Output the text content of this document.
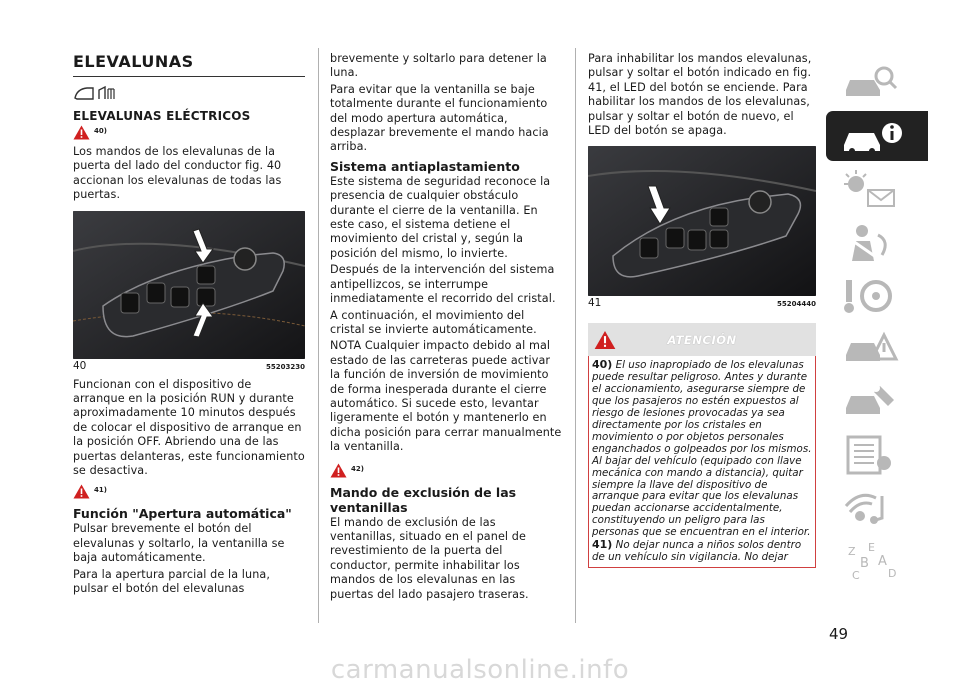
ELEVALUNAS
ELEVALUNAS ELÉCTRICOS
40)

Los mandos de los elevalunas de la puerta del lado del conductor fig. 40 accionan los elevalunas de todas las puertas.

40	55203230

Funcionan con el dispositivo de arranque en la posición RUN y durante aproximadamente 10 minutos después de colocar el dispositivo de arranque en la posición OFF. Abriendo una de las puertas delanteras, este funcionamiento se desactiva.

41)
Función "Apertura automática"

Pulsar brevemente el botón del elevalunas y soltarlo, la ventanilla se baja automáticamente.

Para la apertura parcial de la luna, pulsar el botón del elevalunas

brevemente y soltarlo para detener la luna.

Para evitar que la ventanilla se baje totalmente durante el funcionamiento del modo apertura automática, desplazar brevemente el mando hacia arriba.

Sistema antiaplastamiento

Este sistema de seguridad reconoce la presencia de cualquier obstáculo durante el cierre de la ventanilla. En este caso, el sistema detiene el movimiento del cristal y, según la posición del mismo, lo invierte.

Después de la intervención del sistema antipellizcos, se interrumpe inmediatamente el recorrido del cristal.

A continuación, el movimiento del cristal se invierte automáticamente.

NOTA Cualquier impacto debido al mal estado de las carreteras puede activar la función de inversión de movimiento de forma inesperada durante el cierre automático. Si sucede esto, levantar ligeramente el botón y mantenerlo en dicha posición para cerrar manualmente la ventanilla.

42)
Mando de exclusión de las ventanillas

El mando de exclusión de las ventanillas, situado en el panel de revestimiento de la puerta del conductor, permite inhabilitar los mandos de los elevalunas en las puertas del lado pasajero traseras.

Para inhabilitar los mandos elevalunas, pulsar y soltar el botón indicado en fig. 41, el LED del botón se enciende. Para habilitar los mandos de los elevalunas, pulsar y soltar el botón de nuevo, el LED del botón se apaga.

41	55204440
ATENCIÓN
40) El uso inapropiado de los elevalunas puede resultar peligroso. Antes y durante el accionamiento, asegurarse siempre de que los pasajeros no estén expuestos al riesgo de lesiones provocadas ya sea directamente por los cristales en movimiento o por objetos personales enganchados o golpeados por los mismos. Al bajar del vehículo (equipado con llave mecánica con mando a distancia), quitar siempre la llave del dispositivo de arranque para evitar que los elevalunas puedan accionarse accidentalmente, constituyendo un peligro para las personas que se encuentran en el interior.
41) No dejar nunca a niños solos dentro de un vehículo sin vigilancia. No dejar	Z E
B A
C	D
49
carmanualsonline.info
